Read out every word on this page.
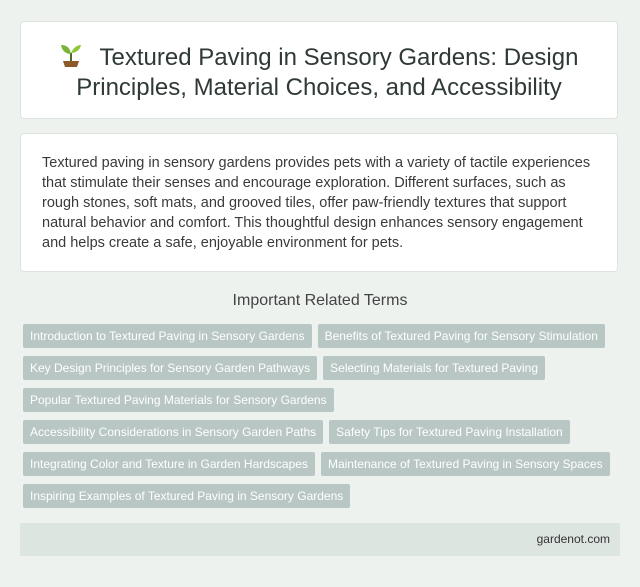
Textured Paving in Sensory Gardens: Design
Principles, Material Choices, and Accessibility

Textured paving in sensory gardens provides pets with a variety of tactile experiences that stimulate their senses and encourage exploration. Different surfaces, such as rough stones, soft mats, and grooved tiles, offer paw-friendly textures that support natural behavior and comfort. This thoughtful design enhances sensory engagement and helps create a safe, enjoyable environment for pets.

Important Related Terms
Introduction to Textured Paving in Sensory Gardens Benefits of Textured Paving for Sensory Stimulation
Key Design Principles for Sensory Garden Pathways Selecting Materials for Textured Paving
Popular Textured Paving Materials for Sensory Gardens
Accessibility Considerations in Sensory Garden Paths Safety Tips for Textured Paving Installation
Integrating Color and Texture in Garden Hardscapes Maintenance of Textured Paving in Sensory Spaces
Inspiring Examples of Textured Paving in Sensory Gardens
gardenot.com
